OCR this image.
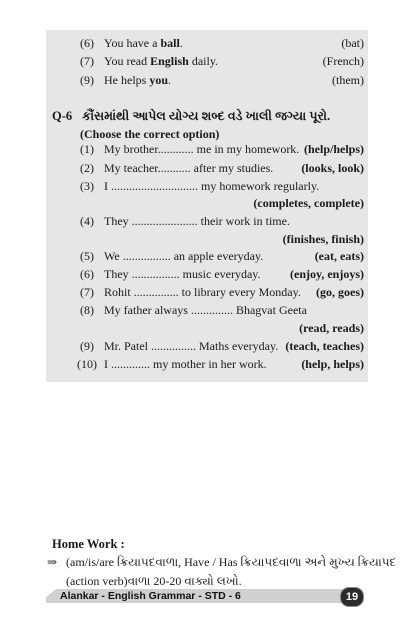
(6) You have a ball.	(bat)
(7) You read English daily.	(French)
(9) He helps you.	(them)
(1) My brother............ me in my homework. (help/helps)
(2) My teacher........... after my studies. (looks, look)
(3) I ............................. my homework regularly.
(completes, complete)
(4) They ...................... their work in time.
(finishes, finish)
(5) We ................ an apple everyday.	(eat, eats)
(6) They ................ music everyday. (enjoy, enjoys)
(7) Rohit ............... to library every Monday. (go, goes)
(8) My father always .............. Bhagvat Geeta
(read, reads)
(9) Mr. Patel ............... Maths everyday. (teach, teaches)
(10) I ............. my mother in her work.	(help, helps)
Q-6 કૌંસમાંથી આપેલ યોગ્ય શબ્દ વડે ખાલી જગ્યા પૂરો.
(Choose the correct option)
Home Work :
⇒ (am/is/are ક્રિયાપદવાળા, Have / Has ક્રિયાપદવાળા અને મુખ્ય ક્રિયાપદ
(action verb)વાળા 20-20 વાક્યો લખો.
Alankar - English Grammar - STD - 6	19
